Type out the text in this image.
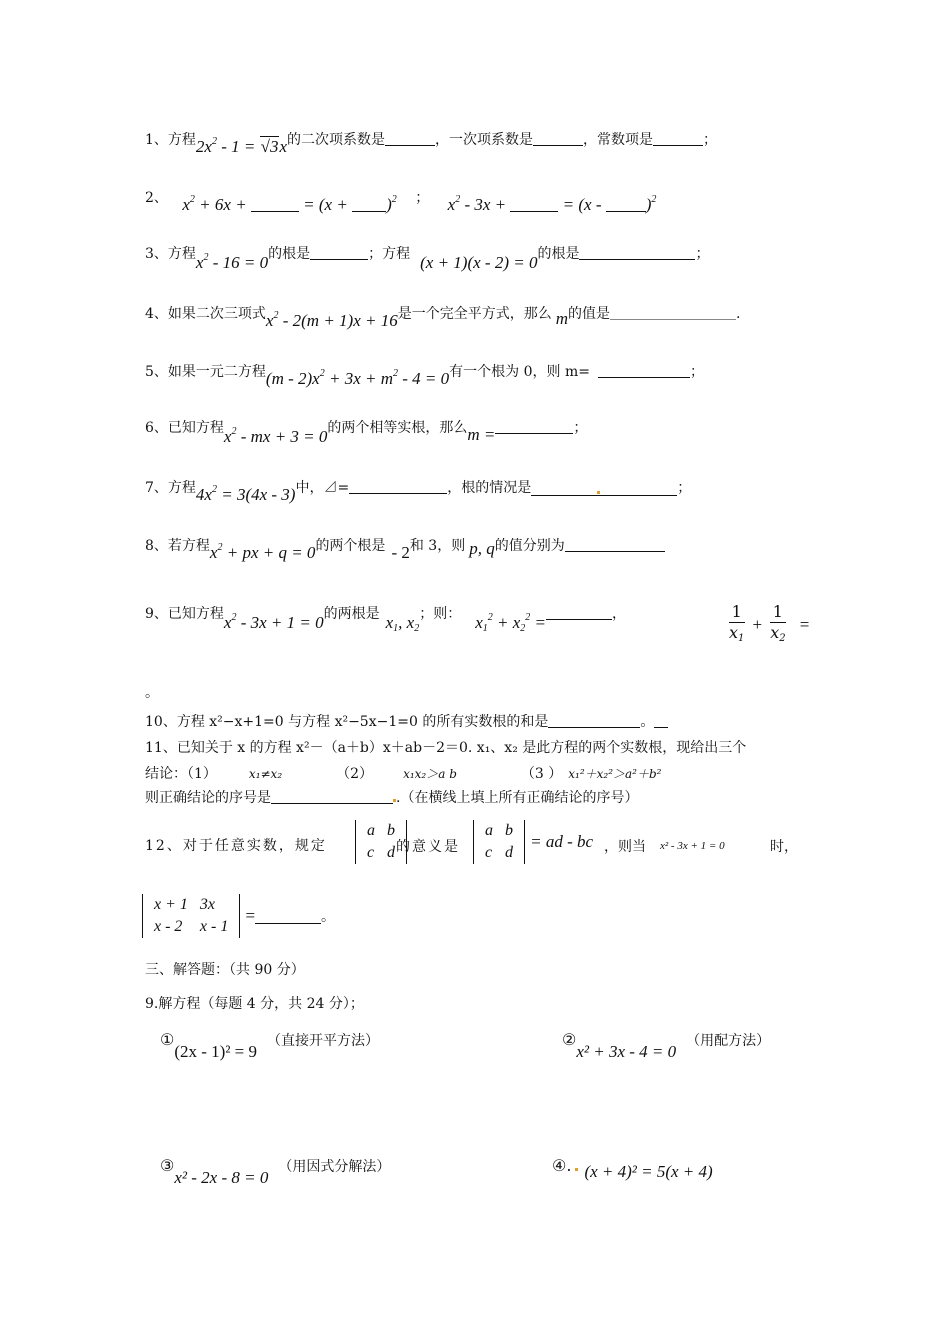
1、方程$2x^2 - 1 = √3x$的二次项系数是	，一次项系数是	，常数项是	；
2、 $x^2 + 6x$ +	= $(x + )^2$ ； $x^2 - 3x$ +	= (x - )$^2$
3、方程$x^2 - 16 = 0$的根是	；方程 (x + 1)(x - 2) = 0的根是	；
4、如果二次三项式$x^2 - 2(m + 1)x + 16$是一个完全平方式，那么 m的值是	.
5、如果一元二方程$(m - 2)x^2 + 3x + m^2 - 4 = 0$有一个根为 0，则 m=	；
6、已知方程$x^2$ - mx + 3 = 0的两个相等实根，那么m =	；
7、方程$4x^2 = 3(4x - 3)$中，⊿=	，根的情况是	；
8、若方程$x^2$ + px + q = 0的两个根是 - 2和 3，则 p, q的值分别为
9、已知方程$x^2 - 3x + 1 = 0$的两根是 $x_1$, $x_2$；则： $x_1^2 + x_2^2$ =	，	$\frac{1}{x_1} + \frac{1}{x_2}$ =
。
10、方程 x²−x+1=0 与方程 x²−5x−1=0 的所有实数根的和是	。
11、已知关于 x 的方程 x²－（a＋b）x＋ab－2＝0. x₁、x₂ 是此方程的两个实数根，现给出三个
结论：（1）	x₁≠x₂	（2）	x₁x₂＞a b	（3 ） x₁²＋x₂²＞a²＋b²
则正确结论的序号是	.（在横线上填上所有正确结论的序号）
12、对于任意实数，规定
a	b
c	d 的意义是
a	b
c	d
= ad - bc ，则当 x² - 3x + 1 = 0	时，
x + 1	3x
x - 2	x - 1
=	。
三、解答题：（共 90 分）
9.解方程（每题 4 分，共 24 分）；
①(2x - 1)² = 9（直接开平方法）	②x² + 3x - 4 = 0（用配方法）
③x² - 2x - 8 = 0（用因式分解法）	④. (x + 4)² = 5(x + 4)
